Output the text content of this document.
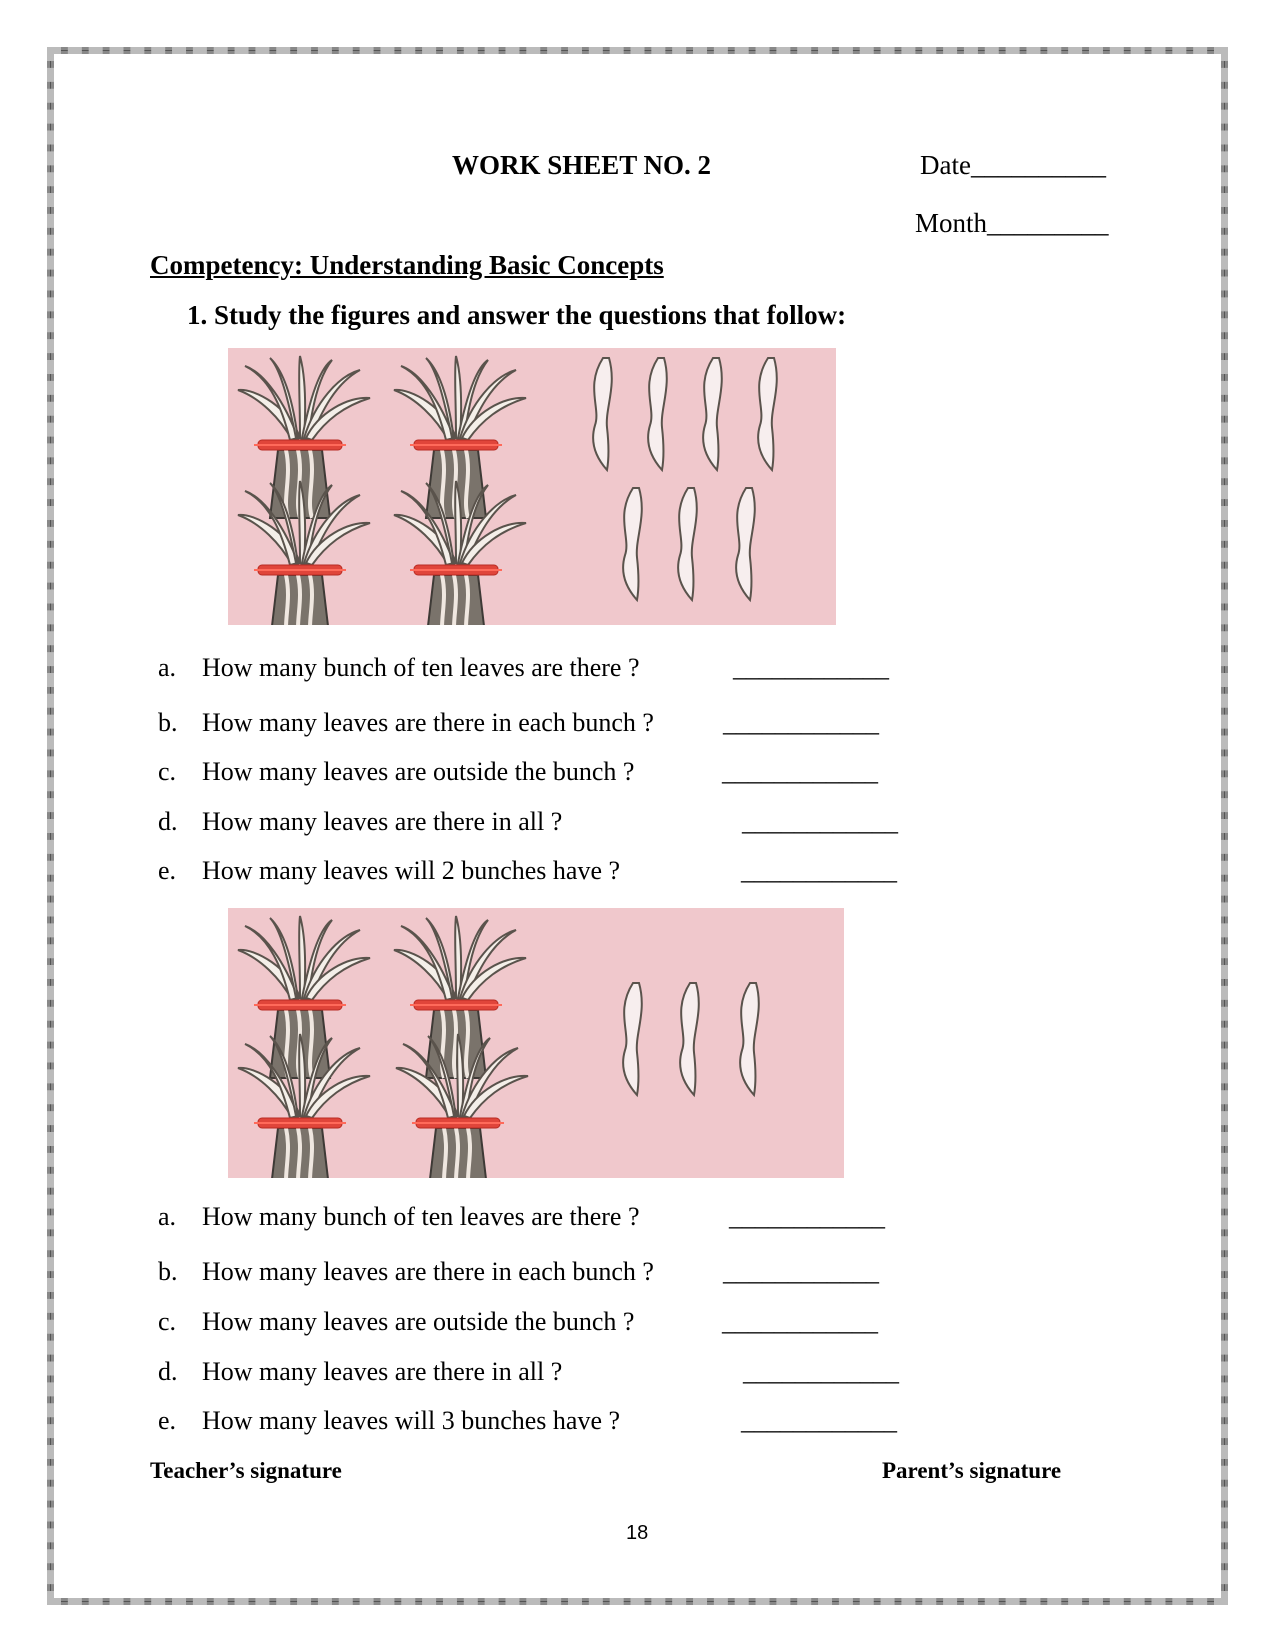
WORK SHEET NO. 2	Date__________
Month_________
Competency: Understanding Basic Concepts
1. Study the figures and answer the questions that follow:
a. How many bunch of ten leaves are there ?	____________
b. How many leaves are there in each bunch ?	____________
c. How many leaves are outside the bunch ?	____________
d. How many leaves are there in all ?	____________
e. How many leaves will 2 bunches have ?	____________
a. How many bunch of ten leaves are there ?	____________
b. How many leaves are there in each bunch ?	____________
c. How many leaves are outside the bunch ?	____________
d. How many leaves are there in all ?	____________
e. How many leaves will 3 bunches have ?	____________
Teacher’s signature	Parent’s signature
18
